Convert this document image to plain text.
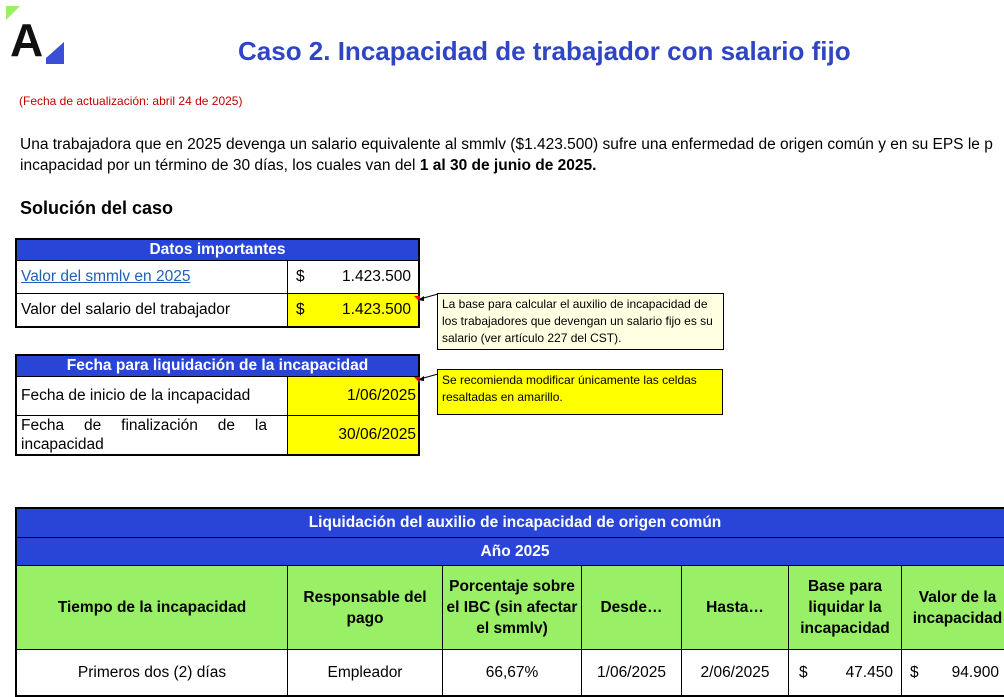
A	Caso 2. Incapacidad de trabajador con salario fijo
(Fecha de actualización: abril 24 de 2025)
Una trabajadora que en 2025 devenga un salario equivalente al smmlv ($1.423.500) sufre una enfermedad de origen común y en su EPS le p
incapacidad por un término de 30 días, los cuales van del 1 al 30 de junio de 2025.
Solución del caso
Datos importantes		
Valor del smmlv en 2025	$	1.423.500
Valor del salario del trabajador	$	1.423.500
Fecha para liquidación de la incapacidad	
Fecha de inicio de la incapacidad	1/06/2025
Fecha de finalización de la incapacidad	30/06/2025
La base para calcular el auxilio de incapacidad de los trabajadores que devengan un salario fijo es su salario (ver artículo 227 del CST).
Se recomienda modificar únicamente las celdas resaltadas en amarillo.
Liquidación del auxilio de incapacidad de origen común								
Año 2025								
Tiempo de la incapacidad	Responsable del pago	Porcentaje sobre el IBC (sin afectar el smmlv)	Desde…	Hasta…	Base para liquidar la incapacidad		Valor de la incapacidad	
Primeros dos (2) días	Empleador	66,67%	1/06/2025	2/06/2025	$	47.450	$	94.900
